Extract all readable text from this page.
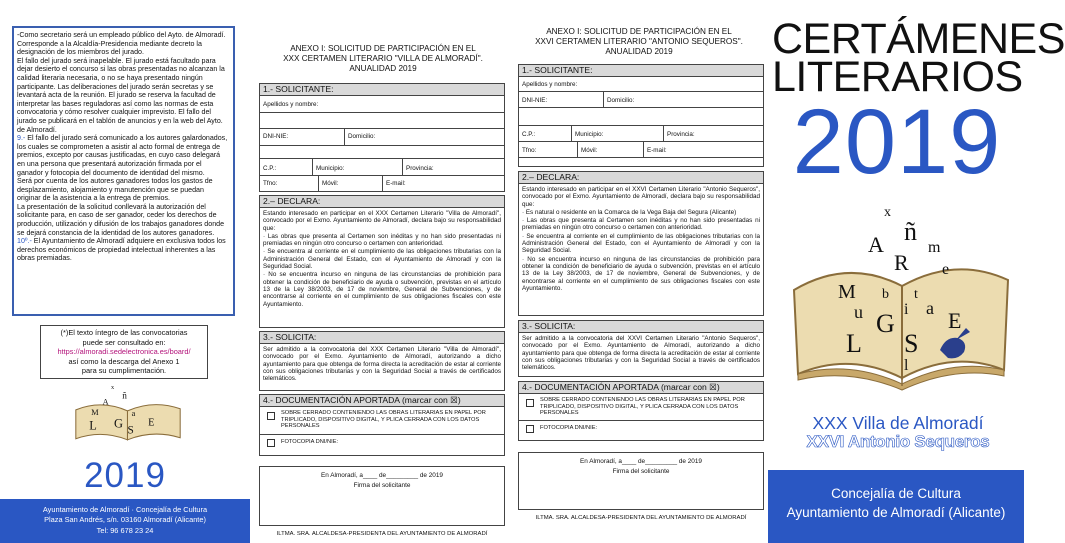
-Como secretario será un empleado público del Ayto. de Almoradí.

Corresponde a la Alcaldía-Presidencia mediante decreto la designación de los miembros del jurado.

El fallo del jurado será inapelable. El jurado está facultado para dejar desierto el concurso si las obras presentadas no alcanzan la calidad literaria necesaria, o no se haya presentado ningún participante. Las deliberaciones del jurado serán secretas y se levantará acta de la reunión. El jurado se reserva la facultad de interpretar las bases reguladoras así como las normas de esta convocatoria y cómo resolver cualquier imprevisto. El fallo del jurado se publicará en el tablón de anuncios y en la web del Ayto. de Almoradí.

9.- El fallo del jurado será comunicado a los autores galardonados, los cuales se comprometen a asistir al acto formal de entrega de premios, excepto por causas justificadas, en cuyo caso delegará en una persona que presentará autorización firmada por el ganador y fotocopia del documento de identidad del mismo.

Será por cuenta de los autores ganadores todos los gastos de desplazamiento, alojamiento y manutención que se puedan originar de la asistencia a la entrega de premios.

La presentación de la solicitud conllevará la autorización del solicitante para, en caso de ser ganador, ceder los derechos de producción, utilización y difusión de los trabajos ganadores donde se dejará constancia de la identidad de los autores ganadores.

10º.- El Ayuntamiento de Almoradí adquiere en exclusiva todos los derechos económicos de propiedad intelectual inherentes a las obras premiadas.

(*)El texto íntegro de las convocatorias
puede ser consultado en:
https://almoradi.sedelectronica.es/board/
así como la descarga del Anexo 1
para su cumplimentación.
x
ñ
A
M
L G
a
S
E
2019
Ayuntamiento de Almoradí · Concejalía de Cultura
Plaza San Andrés, s/n. 03160 Almoradí (Alicante)
Tel: 96 678 23 24
ANEXO I: SOLICITUD DE PARTICIPACIÓN EN EL
XXX CERTAMEN LITERARIO "VILLA DE ALMORADÍ".
ANUALIDAD 2019
1.- SOLICITANTE:
Apellidos y nombre:
DNI-NIE:	Domicilio:
C.P.:	Municipio:	Provincia:
Tfno:	Móvil:	E-mail:
2.– DECLARA:

Estando interesado en participar en el XXX Certamen Literario "Villa de Almoradí", convocado por el Exmo. Ayuntamiento de Almoradí, declara bajo su responsabilidad que:

· Las obras que presenta al Certamen son inéditas y no han sido presentadas ni premiadas en ningún otro concurso o certamen con anterioridad.

· Se encuentra al corriente en el cumplimiento de las obligaciones tributarias con la Administración General del Estado, con el Ayuntamiento de Almoradí y con la Seguridad Social.

· No se encuentra incurso en ninguna de las circunstancias de prohibición para obtener la condición de beneficiario de ayuda o subvención, previstas en el artículo 13 de la Ley 38/2003, de 17 de noviembre, General de Subvenciones, y de encontrarse al corriente en el cumplimiento de sus obligaciones fiscales con este Ayuntamiento.

3.- SOLICITA:

Ser admitido a la convocatoria del XXX Certamen Literario "Villa de Almoradí", convocado por el Exmo. Ayuntamiento de Almoradí, autorizando a dicho ayuntamiento para que obtenga de forma directa la acreditación de estar al corriente con sus obligaciones tributarias y con la Seguridad Social a través de certificados telemáticos.

4.- DOCUMENTACIÓN APORTADA (marcar con ☒)
SOBRE CERRADO CONTENIENDO LAS OBRAS LITERARIAS EN PAPEL POR TRIPLICADO, DISPOSITIVO DIGITAL, Y PLICA CERRADA CON LOS DATOS PERSONALES
FOTOCOPIA DNI/NIE:
En Almoradí, a____ de_________ de 2019
Firma del solicitante
ILTMA. SRA. ALCALDESA-PRESIDENTA DEL AYUNTAMIENTO DE ALMORADÍ
ANEXO I: SOLICITUD DE PARTICIPACIÓN EN EL
XXVI CERTAMEN LITERARIO "ANTONIO SEQUEROS".
ANUALIDAD 2019
1.- SOLICITANTE:
Apellidos y nombre:
DNI-NIE:	Domicilio:
C.P.:	Municipio:	Provincia:
Tfno:	Móvil:	E-mail:
2.– DECLARA:

Estando interesado en participar en el XXVI Certamen Literario "Antonio Sequeros", convocado por el Exmo. Ayuntamiento de Almoradí, declara bajo su responsabilidad que:

· Es natural o residente en la Comarca de la Vega Baja del Segura (Alicante)

· Las obras que presenta al Certamen son inéditas y no han sido presentadas ni premiadas en ningún otro concurso o certamen con anterioridad.

· Se encuentra al corriente en el cumplimiento de las obligaciones tributarias con la Administración General del Estado, con el Ayuntamiento de Almoradí y con la Seguridad Social.

· No se encuentra incurso en ninguna de las circunstancias de prohibición para obtener la condición de beneficiario de ayuda o subvención, previstas en el artículo 13 de la Ley 38/2003, de 17 de noviembre, General de Subvenciones, y de encontrarse al corriente en el cumplimiento de sus obligaciones fiscales con este Ayuntamiento.

3.- SOLICITA:

Ser admitido a la convocatoria del XXVI Certamen Literario "Antonio Sequeros", convocado por el Exmo. Ayuntamiento de Almoradí, autorizando a dicho ayuntamiento para que obtenga de forma directa la acreditación de estar al corriente con sus obligaciones tributarias y con la Seguridad Social a través de certificados telemáticos.

4.- DOCUMENTACIÓN APORTADA (marcar con ☒)
SOBRE CERRADO CONTENIENDO LAS OBRAS LITERARIAS EN PAPEL POR TRIPLICADO, DISPOSITIVO DIGITAL, Y PLICA CERRADA CON LOS DATOS PERSONALES
FOTOCOPIA DNI/NIE:
En Almoradí, a____ de_________ de 2019
Firma del solicitante
ILTMA. SRA. ALCALDESA-PRESIDENTA DEL AYUNTAMIENTO DE ALMORADÍ
CERTÁMENES
LITERARIOS
2019
x
ñ
A	m
R e
M b t
u	i
G
a
L S
E
l
XXX Villa de Almoradí
XXVI Antonio Sequeros
Concejalía de Cultura
Ayuntamiento de Almoradí (Alicante)
